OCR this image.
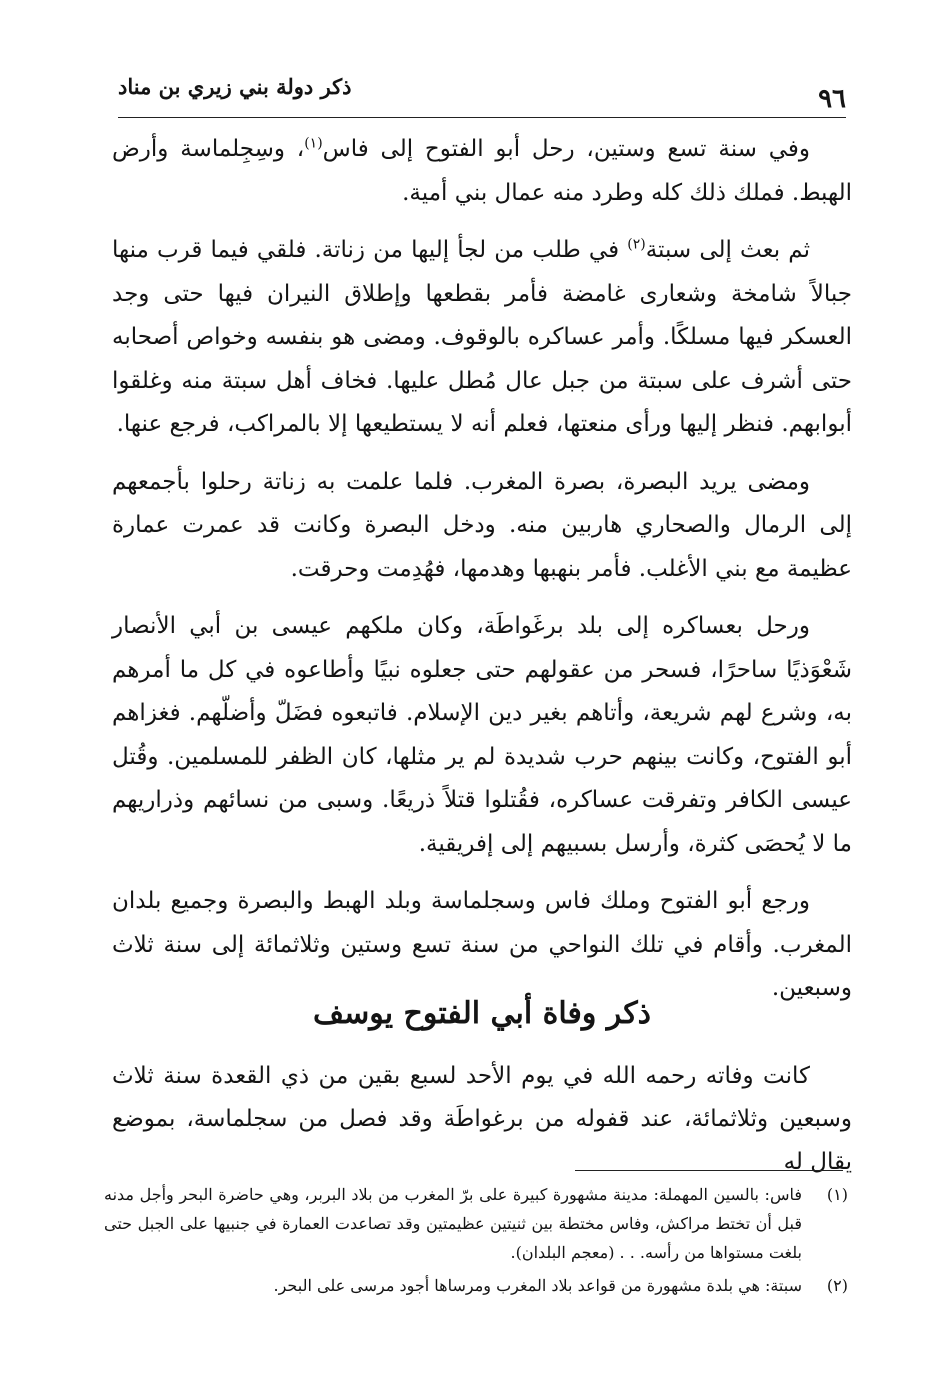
٩٦
ذكر دولة بني زيري بن مناد

وفي سنة تسع وستين، رحل أبو الفتوح إلى فاس$^{(١)}$، وسِجِلماسة وأرض الهبط. فملك ذلك كله وطرد منه عمال بني أمية.

ثم بعث إلى سبتة$^{(٢)}$ في طلب من لجأ إليها من زناتة. فلقي فيما قرب منها جبالاً شامخة وشعارى غامضة فأمر بقطعها وإطلاق النيران فيها حتى وجد العسكر فيها مسلكًا. وأمر عساكره بالوقوف. ومضى هو بنفسه وخواص أصحابه حتى أشرف على سبتة من جبل عال مُطل عليها. فخاف أهل سبتة منه وغلقوا أبوابهم. فنظر إليها ورأى منعتها، فعلم أنه لا يستطيعها إلا بالمراكب، فرجع عنها.

ومضى يريد البصرة، بصرة المغرب. فلما علمت به زناتة رحلوا بأجمعهم إلى الرمال والصحاري هاربين منه. ودخل البصرة وكانت قد عمرت عمارة عظيمة مع بني الأغلب. فأمر بنهبها وهدمها، فهُدِمت وحرقت.

ورحل بعساكره إلى بلد برغَواطَة، وكان ملكهم عيسى بن أبي الأنصار شَعْوَذيًا ساحرًا، فسحر من عقولهم حتى جعلوه نبيًا وأطاعوه في كل ما أمرهم به، وشرع لهم شريعة، وأتاهم بغير دين الإسلام. فاتبعوه فضَلّ وأضلّهم. فغزاهم أبو الفتوح، وكانت بينهم حرب شديدة لم ير مثلها، كان الظفر للمسلمين. وقُتل عيسى الكافر وتفرقت عساكره، فقُتلوا قتلاً ذريعًا. وسبى من نسائهم وذراريهم ما لا يُحصَى كثرة، وأرسل بسبيهم إلى إفريقية.

ورجع أبو الفتوح وملك فاس وسجلماسة وبلد الهبط والبصرة وجميع بلدان المغرب. وأقام في تلك النواحي من سنة تسع وستين وثلاثمائة إلى سنة ثلاث وسبعين.

ذكر وفاة أبي الفتوح يوسف

كانت وفاته رحمه الله في يوم الأحد لسبع بقين من ذي القعدة سنة ثلاث وسبعين وثلاثمائة، عند قفوله من برغواطَة وقد فصل من سجلماسة، بموضع يقال له

(١)
فاس: بالسين المهملة: مدينة مشهورة كبيرة على برّ المغرب من بلاد البربر، وهي حاضرة البحر وأجل مدنه قبل أن تختط مراكش، وفاس مختطة بين ثنيتين عظيمتين وقد تصاعدت العمارة في جنبيها على الجبل حتى بلغت مستواها من رأسه. . . (معجم البلدان).
(٢)
سبتة: هي بلدة مشهورة من قواعد بلاد المغرب ومرساها أجود مرسى على البحر.
